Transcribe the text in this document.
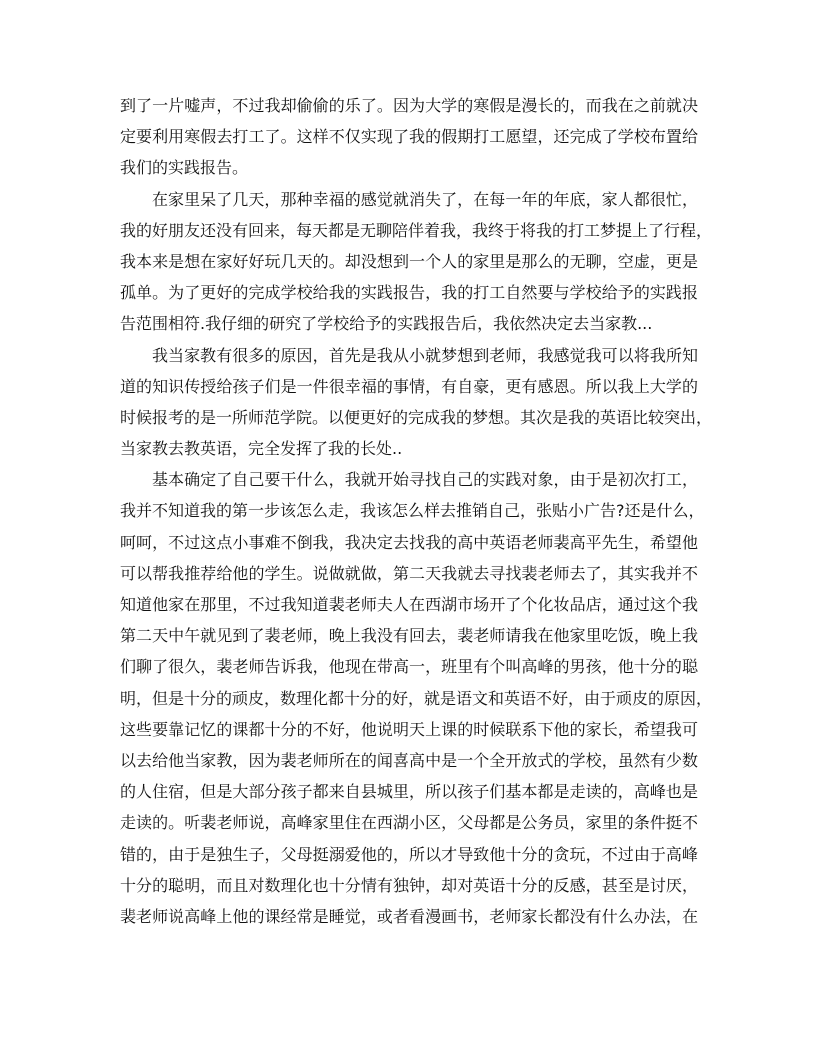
到了一片嘘声，不过我却偷偷的乐了。因为大学的寒假是漫长的，而我在之前就决
定要利用寒假去打工了。这样不仅实现了我的假期打工愿望，还完成了学校布置给
我们的实践报告。
在家里呆了几天，那种幸福的感觉就消失了，在每一年的年底，家人都很忙，
我的好朋友还没有回来，每天都是无聊陪伴着我，我终于将我的打工梦提上了行程，
我本来是想在家好好玩几天的。却没想到一个人的家里是那么的无聊，空虚，更是
孤单。为了更好的完成学校给我的实践报告，我的打工自然要与学校给予的实践报
告范围相符.我仔细的研究了学校给予的实践报告后，我依然决定去当家教...
我当家教有很多的原因，首先是我从小就梦想到老师，我感觉我可以将我所知
道的知识传授给孩子们是一件很幸福的事情，有自豪，更有感恩。所以我上大学的
时候报考的是一所师范学院。以便更好的完成我的梦想。其次是我的英语比较突出，
当家教去教英语，完全发挥了我的长处..
基本确定了自己要干什么，我就开始寻找自己的实践对象，由于是初次打工，
我并不知道我的第一步该怎么走，我该怎么样去推销自己，张贴小广告?还是什么，
呵呵，不过这点小事难不倒我，我决定去找我的高中英语老师裴高平先生，希望他
可以帮我推荐给他的学生。说做就做，第二天我就去寻找裴老师去了，其实我并不
知道他家在那里，不过我知道裴老师夫人在西湖市场开了个化妆品店，通过这个我
第二天中午就见到了裴老师，晚上我没有回去，裴老师请我在他家里吃饭，晚上我
们聊了很久，裴老师告诉我，他现在带高一，班里有个叫高峰的男孩，他十分的聪
明，但是十分的顽皮，数理化都十分的好，就是语文和英语不好，由于顽皮的原因，
这些要靠记忆的课都十分的不好，他说明天上课的时候联系下他的家长，希望我可
以去给他当家教，因为裴老师所在的闻喜高中是一个全开放式的学校，虽然有少数
的人住宿，但是大部分孩子都来自县城里，所以孩子们基本都是走读的，高峰也是
走读的。听裴老师说，高峰家里住在西湖小区，父母都是公务员，家里的条件挺不
错的，由于是独生子，父母挺溺爱他的，所以才导致他十分的贪玩，不过由于高峰
十分的聪明，而且对数理化也十分情有独钟，却对英语十分的反感，甚至是讨厌，
裴老师说高峰上他的课经常是睡觉，或者看漫画书，老师家长都没有什么办法，在
